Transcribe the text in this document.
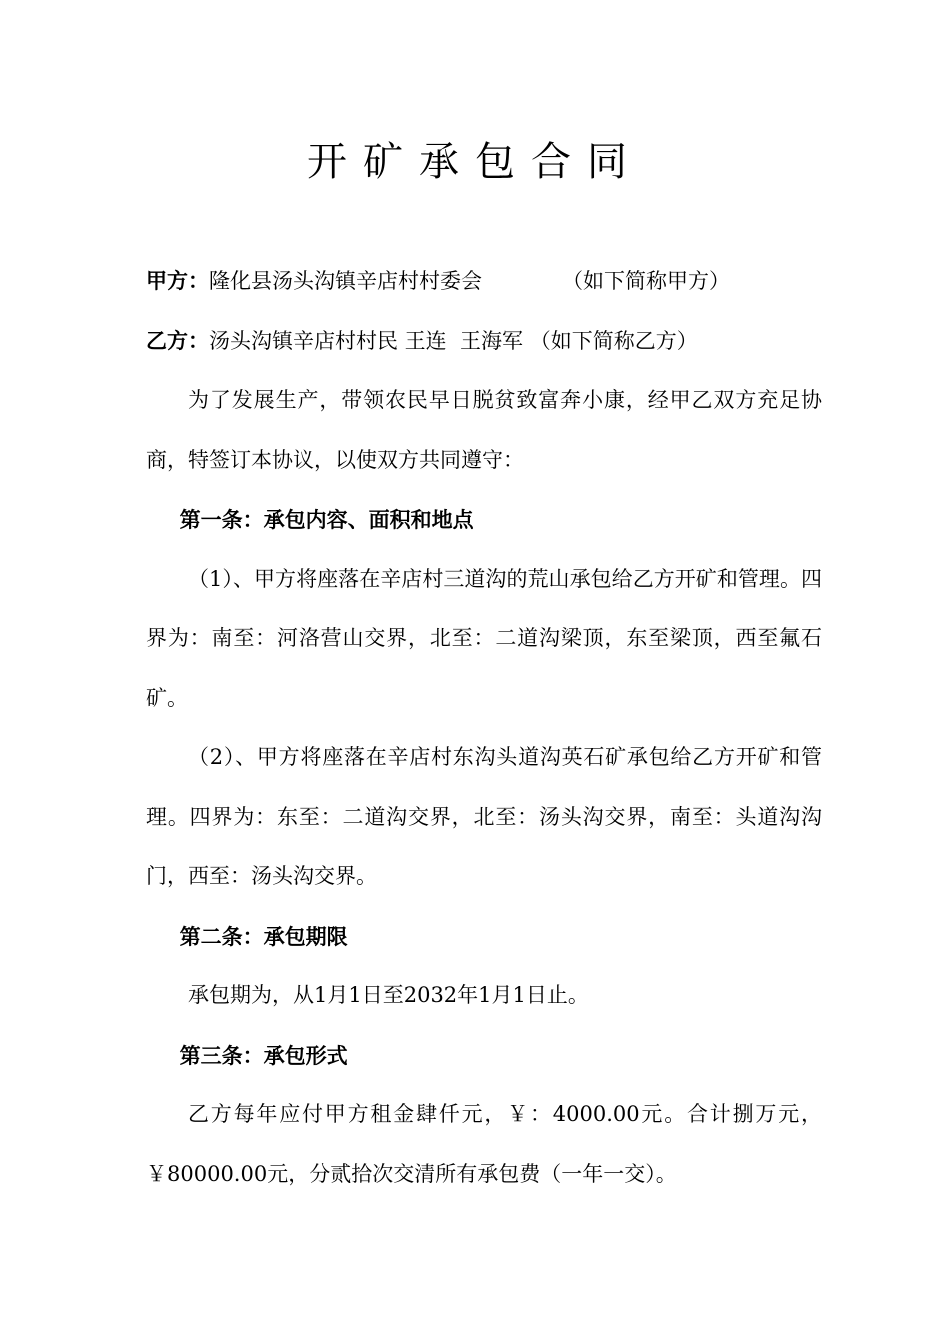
开矿承包合同
甲方：隆化县汤头沟镇辛店村村委会	（如下简称甲方）
乙方：汤头沟镇辛店村村民 王连  王海军 （如下简称乙方）
为了发展生产，带领农民早日脱贫致富奔小康，经甲乙双方充足协商，特签订本协议，以使双方共同遵守：
第一条：承包内容、面积和地点
（1）、甲方将座落在辛店村三道沟的荒山承包给乙方开矿和管理。四界为：南至：河洛营山交界，北至：二道沟梁顶，东至梁顶，西至氟石矿。
（2）、甲方将座落在辛店村东沟头道沟英石矿承包给乙方开矿和管理。四界为：东至：二道沟交界，北至：汤头沟交界，南至：头道沟沟门，西至：汤头沟交界。
第二条：承包期限
承包期为，从1月1日至2032年1月1日止。
第三条：承包形式
乙方每年应付甲方租金肆仟元，￥：4000.00元。合计捌万元，￥80000.00元，分贰拾次交清所有承包费（一年一交）。
